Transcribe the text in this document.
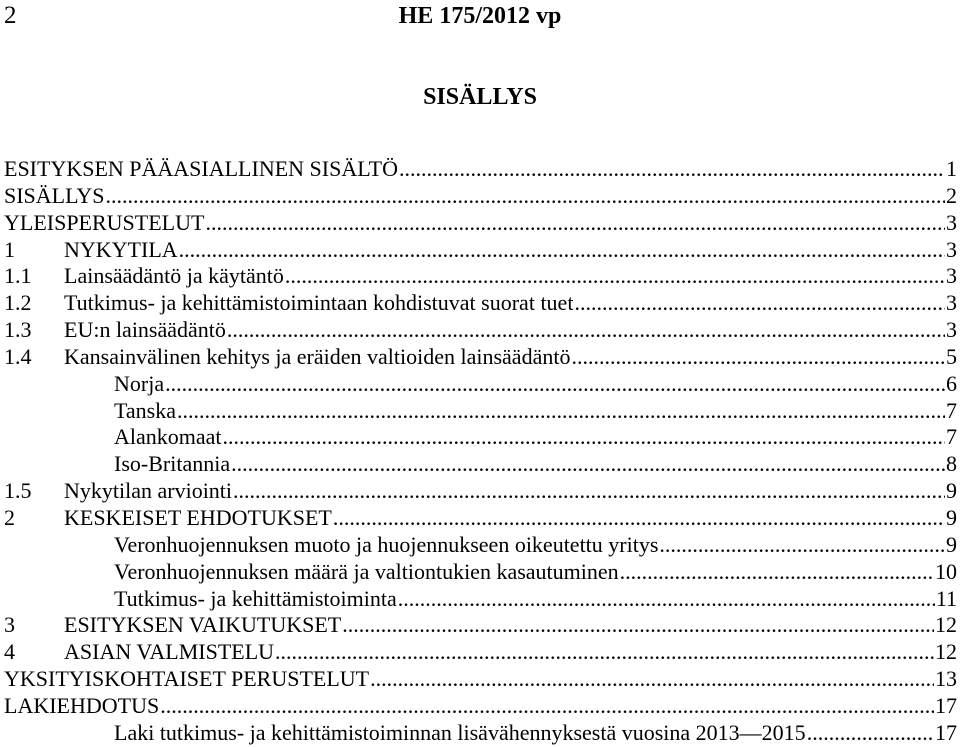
2	HE 175/2012 vp
SISÄLLYS
ESITYKSEN PÄÄASIALLINEN SISÄLTÖ .....	1
SISÄLLYS .....	2
YLEISPERUSTELUT .....	3
1	NYKYTILA .....	3
1.1	Lainsäädäntö ja käytäntö .....	3
1.2	Tutkimus- ja kehittämistoimintaan kohdistuvat suorat tuet .....	3
1.3	EU:n lainsäädäntö .....	3
1.4	Kansainvälinen kehitys ja eräiden valtioiden lainsäädäntö .....	5
Norja .....	6
Tanska .....	7
Alankomaat .....	7
Iso-Britannia .....	8
1.5	Nykytilan arviointi .....	9
2	KESKEISET EHDOTUKSET .....	9
Veronhuojennuksen muoto ja huojennukseen oikeutettu yritys .....	9
Veronhuojennuksen määrä ja valtiontukien kasautuminen .....	10
Tutkimus- ja kehittämistoiminta .....	11
3	ESITYKSEN VAIKUTUKSET .....	12
4	ASIAN VALMISTELU .....	12
YKSITYISKOHTAISET PERUSTELUT .....	13
LAKIEHDOTUS .....	17
Laki tutkimus- ja kehittämistoiminnan lisävähennyksestä vuosina 2013—2015 .....	17
